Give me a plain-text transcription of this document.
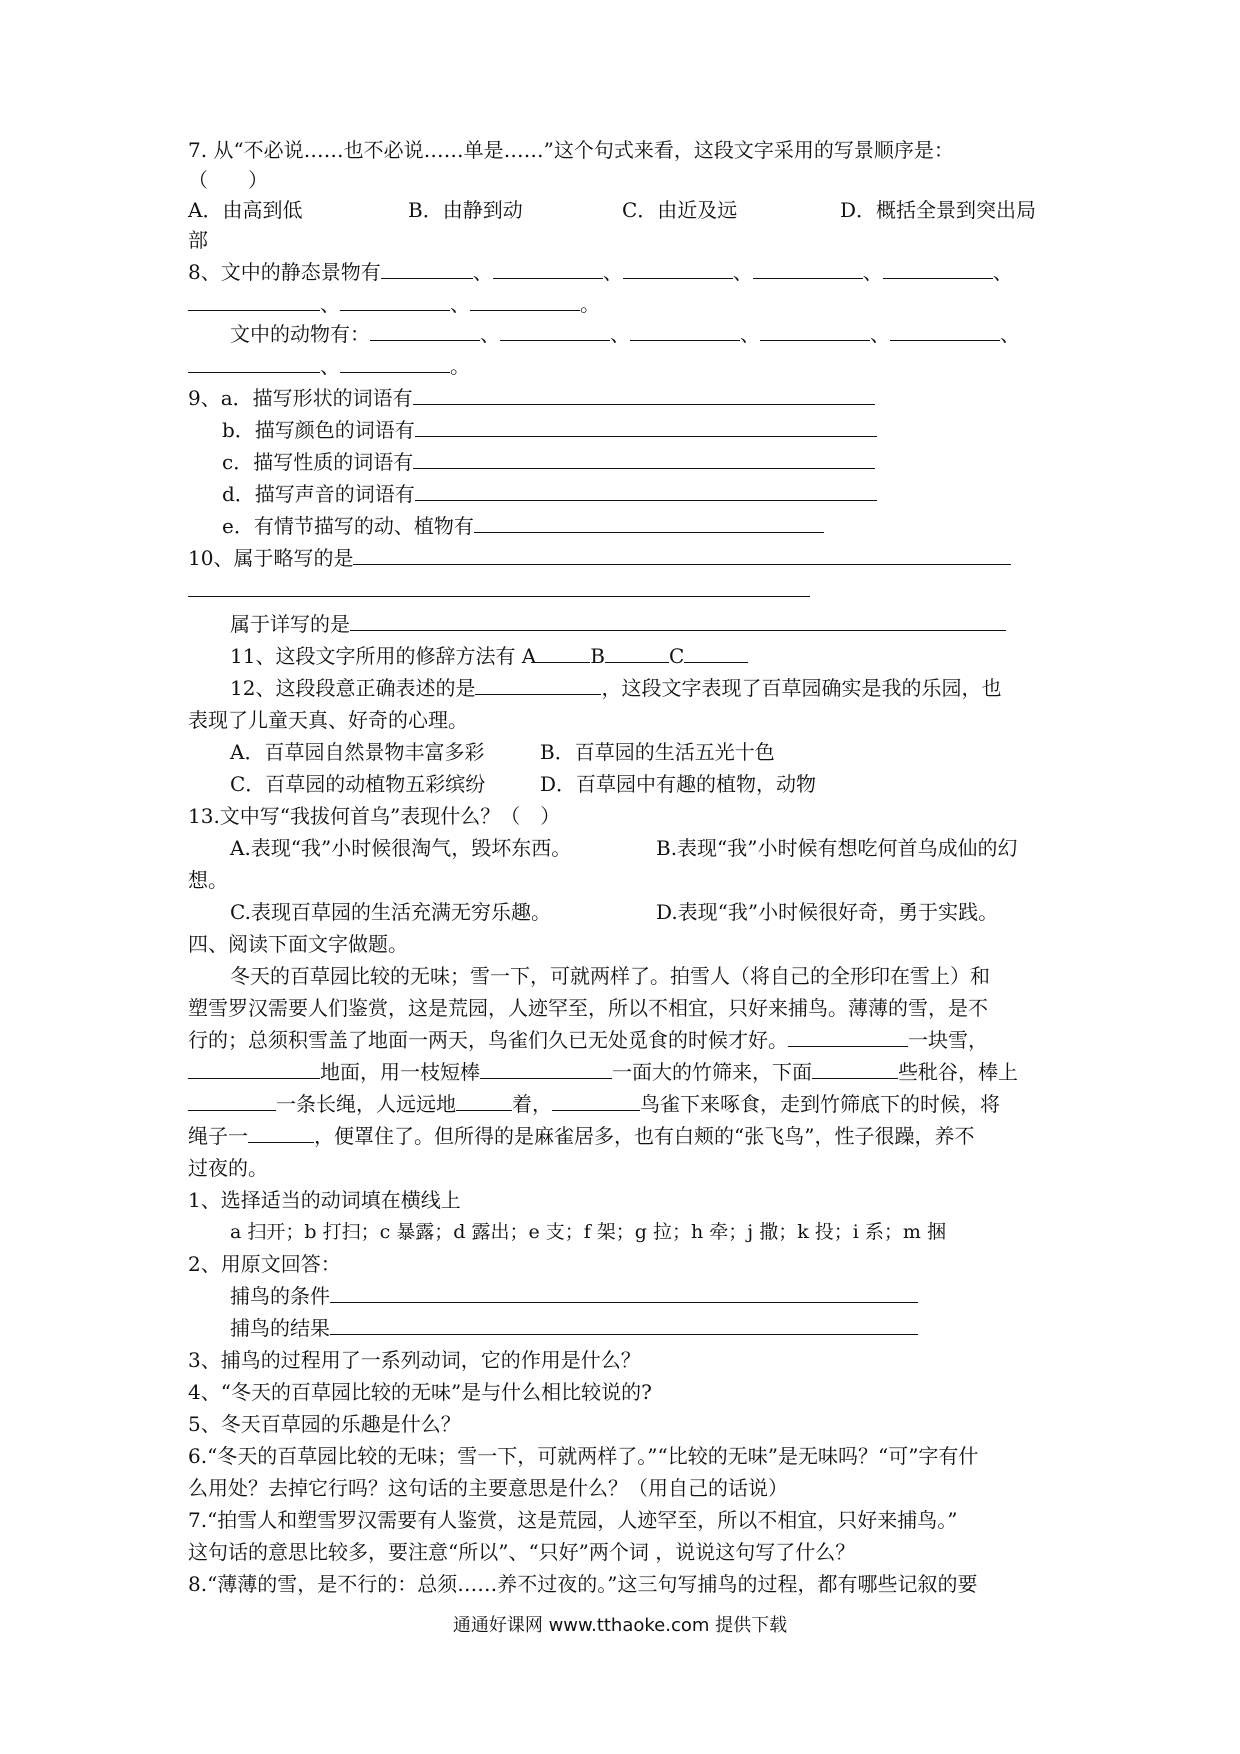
7. 从“不必说……也不必说……单是……”这个句式来看，这段文字采用的写景顺序是：
（　　）
A．由高到低	B．由静到动	C．由近及远	D．概括全景到突出局
部
8、文中的静态景物有	、	、	、	、	、
、	、	。
文中的动物有：	、	、	、	、	、
、	。
9、a．描写形状的词语有
b．描写颜色的词语有
c．描写性质的词语有
d．描写声音的词语有
e．有情节描写的动、植物有
10、属于略写的是
属于详写的是
11、这段文字所用的修辞方法有 A	B	C
12、这段段意正确表述的是	，这段文字表现了百草园确实是我的乐园，也
表现了儿童天真、好奇的心理。
A．百草园自然景物丰富多彩	B．百草园的生活五光十色
C．百草园的动植物五彩缤纷	D．百草园中有趣的植物，动物
13.文中写“我拔何首乌”表现什么？（　）
A.表现“我”小时候很淘气，毁坏东西。	B.表现“我”小时候有想吃何首乌成仙的幻
想。
C.表现百草园的生活充满无穷乐趣。	D.表现“我”小时候很好奇，勇于实践。
四、阅读下面文字做题。
冬天的百草园比较的无味；雪一下，可就两样了。拍雪人（将自己的全形印在雪上）和
塑雪罗汉需要人们鉴赏，这是荒园，人迹罕至，所以不相宜，只好来捕鸟。薄薄的雪，是不
行的；总须积雪盖了地面一两天，鸟雀们久已无处觅食的时候才好。	一块雪，
地面，用一枝短棒	一面大的竹筛来，下面	些秕谷，棒上
一条长绳，人远远地	着，	鸟雀下来啄食，走到竹筛底下的时候，将
绳子一	，便罩住了。但所得的是麻雀居多，也有白颊的“张飞鸟”，性子很躁，养不
过夜的。
1、选择适当的动词填在横线上
a 扫开；b 打扫；c 暴露；d 露出；e 支；f 架；g 拉；h 牵；j 撒；k 投；i 系；m 捆
2、用原文回答：
捕鸟的条件
捕鸟的结果
3、捕鸟的过程用了一系列动词，它的作用是什么？
4、“冬天的百草园比较的无味”是与什么相比较说的?
5、冬天百草园的乐趣是什么？
6.“冬天的百草园比较的无味；雪一下，可就两样了。”“比较的无味”是无味吗？“可”字有什
么用处？去掉它行吗？这句话的主要意思是什么？（用自己的话说）
7.“拍雪人和塑雪罗汉需要有人鉴赏，这是荒园，人迹罕至，所以不相宜，只好来捕鸟。”
这句话的意思比较多，要注意“所以”、“只好”两个词 ，说说这句写了什么？
8.“薄薄的雪，是不行的：总须……养不过夜的。”这三句写捕鸟的过程，都有哪些记叙的要
通通好课网 www.tthaoke.com 提供下载
